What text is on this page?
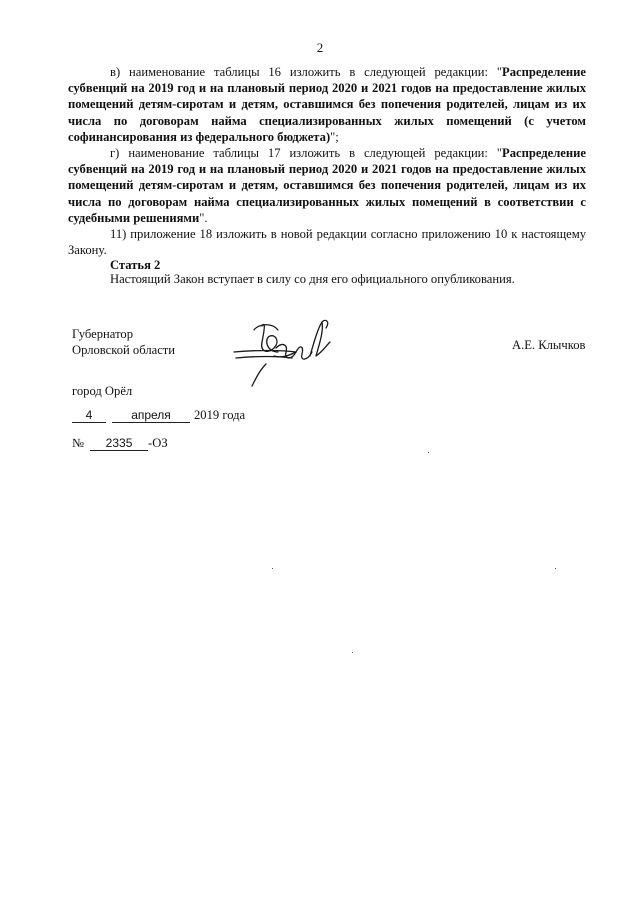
2

в) наименование таблицы 16 изложить в следующей редакции: "Распределение субвенций на 2019 год и на плановый период 2020 и 2021 годов на предоставление жилых помещений детям-сиротам и детям, оставшимся без попечения родителей, лицам из их числа по договорам найма специализированных жилых помещений (с учетом софинансирования из федерального бюджета)";

г) наименование таблицы 17 изложить в следующей редакции: "Распределение субвенций на 2019 год и на плановый период 2020 и 2021 годов на предоставление жилых помещений детям-сиротам и детям, оставшимся без попечения родителей, лицам из их числа по договорам найма специализированных жилых помещений в соответствии с судебными решениями".

11) приложение 18 изложить в новой редакции согласно приложению 10 к настоящему Закону.

Статья 2
Настоящий Закон вступает в силу со дня его официального опубликования.
Губернатор
Орловской области	А.Е. Клычков
город Орёл
4	апреля	2019 года
№	2335	-ОЗ
